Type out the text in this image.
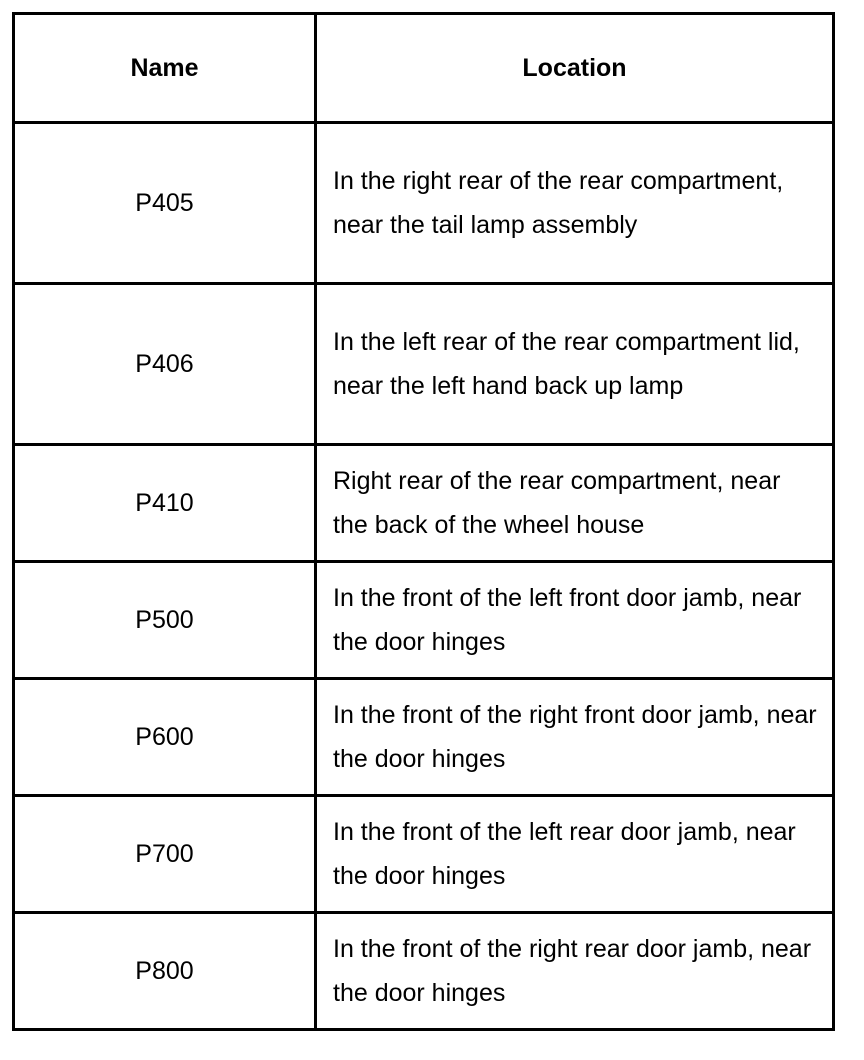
Name	Location
P405	In the right rear of the rear compartment, near the tail lamp assembly
P406	In the left rear of the rear compartment lid, near the left hand back up lamp
P410	Right rear of the rear compartment, near the back of the wheel house
P500	In the front of the left front door jamb, near the door hinges
P600	In the front of the right front door jamb, near the door hinges
P700	In the front of the left rear door jamb, near the door hinges
P800	In the front of the right rear door jamb, near the door hinges
